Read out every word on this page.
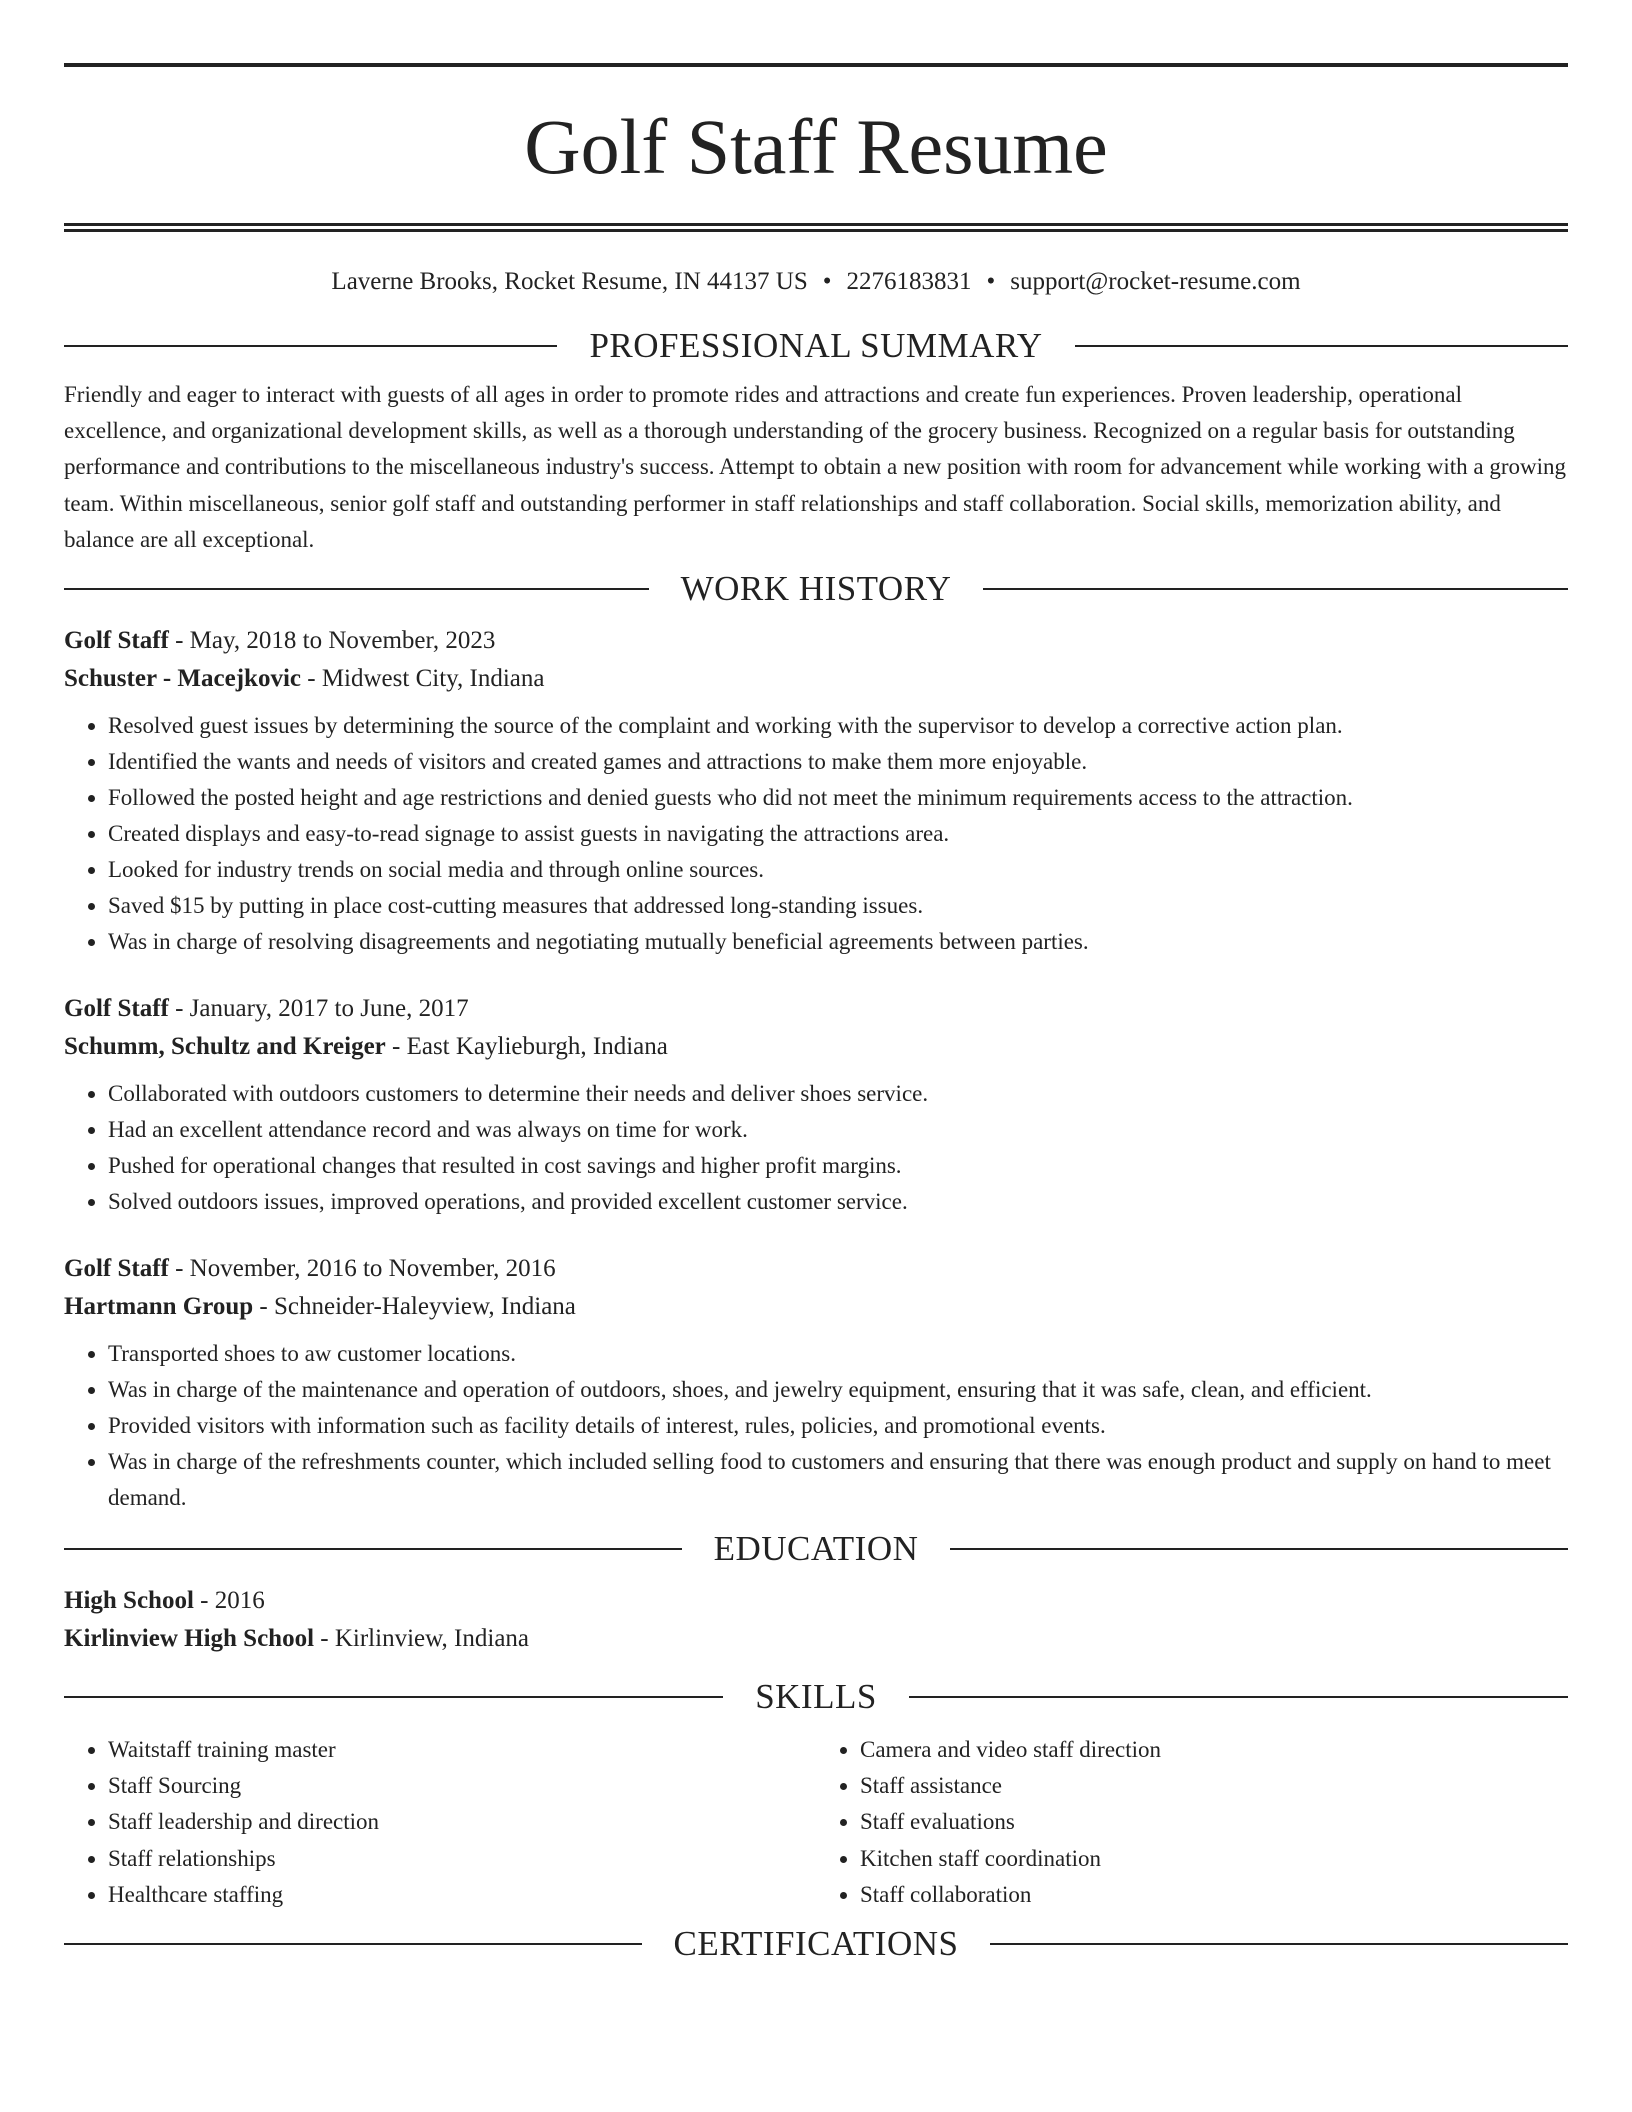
Golf Staff Resume
Laverne Brooks, Rocket Resume, IN 44137 US • 2276183831 • support@rocket-resume.com
PROFESSIONAL SUMMARY

Friendly and eager to interact with guests of all ages in order to promote rides and attractions and create fun experiences. Proven leadership, operational excellence, and organizational development skills, as well as a thorough understanding of the grocery business. Recognized on a regular basis for outstanding performance and contributions to the miscellaneous industry's success. Attempt to obtain a new position with room for advancement while working with a growing team. Within miscellaneous, senior golf staff and outstanding performer in staff relationships and staff collaboration. Social skills, memorization ability, and balance are all exceptional.

WORK HISTORY
Golf Staff - May, 2018 to November, 2023
Schuster - Macejkovic - Midwest City, Indiana
• Resolved guest issues by determining the source of the complaint and working with the supervisor to develop a corrective action plan.
• Identified the wants and needs of visitors and created games and attractions to make them more enjoyable.
• Followed the posted height and age restrictions and denied guests who did not meet the minimum requirements access to the attraction.
• Created displays and easy-to-read signage to assist guests in navigating the attractions area.
• Looked for industry trends on social media and through online sources.
• Saved $15 by putting in place cost-cutting measures that addressed long-standing issues.
• Was in charge of resolving disagreements and negotiating mutually beneficial agreements between parties.
Golf Staff - January, 2017 to June, 2017
Schumm, Schultz and Kreiger - East Kaylieburgh, Indiana
• Collaborated with outdoors customers to determine their needs and deliver shoes service.
• Had an excellent attendance record and was always on time for work.
• Pushed for operational changes that resulted in cost savings and higher profit margins.
• Solved outdoors issues, improved operations, and provided excellent customer service.
Golf Staff - November, 2016 to November, 2016
Hartmann Group - Schneider-Haleyview, Indiana
• Transported shoes to aw customer locations.
• Was in charge of the maintenance and operation of outdoors, shoes, and jewelry equipment, ensuring that it was safe, clean, and efficient.
• Provided visitors with information such as facility details of interest, rules, policies, and promotional events.
• Was in charge of the refreshments counter, which included selling food to customers and ensuring that there was enough product and supply on hand to meet demand.
EDUCATION
High School - 2016
Kirlinview High School - Kirlinview, Indiana
SKILLS
• Waitstaff training master
• Staff Sourcing
• Staff leadership and direction
• Staff relationships
• Healthcare staffing
• Camera and video staff direction
• Staff assistance
• Staff evaluations
• Kitchen staff coordination
• Staff collaboration
CERTIFICATIONS
